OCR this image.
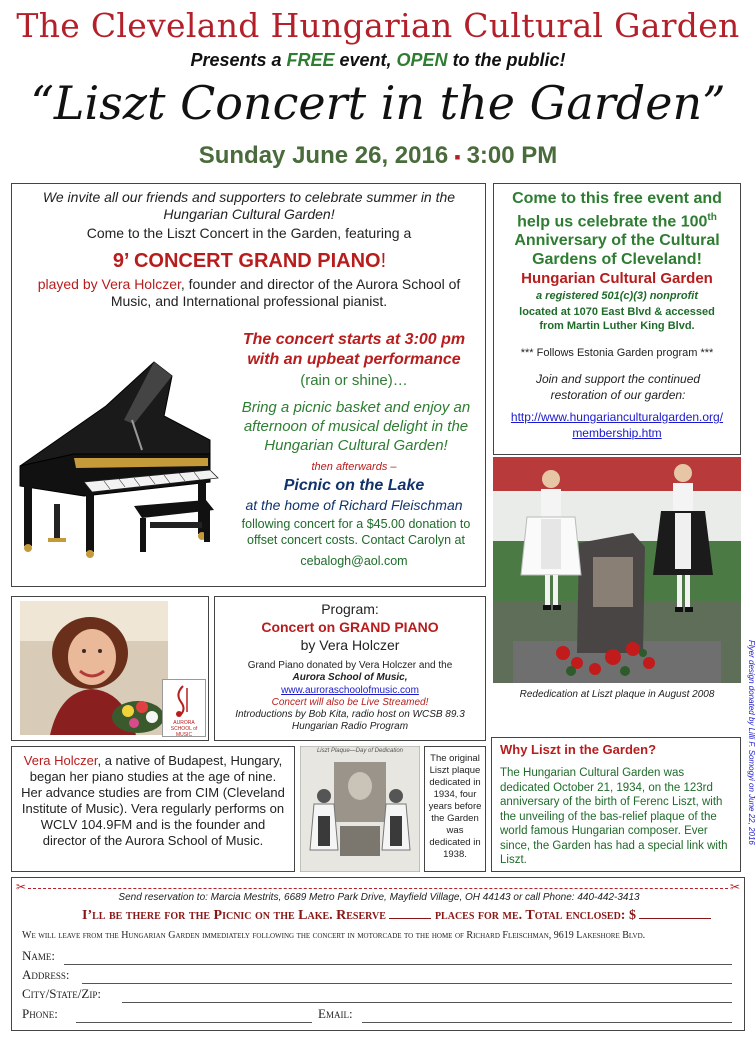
The Cleveland Hungarian Cultural Garden
Presents a FREE event, OPEN to the public!
“Liszt Concert in the Garden”
Sunday June 26, 2016 ▪ 3:00 PM
We invite all our friends and supporters to celebrate summer in the Hungarian Cultural Garden!
Come to the Liszt Concert in the Garden, featuring a
9’ CONCERT GRAND PIANO!
played by Vera Holczer, founder and director of the Aurora School of Music, and International professional pianist.
The concert starts at 3:00 pm with an upbeat performance
(rain or shine)…
Bring a picnic basket and enjoy an afternoon of musical delight in the Hungarian Cultural Garden!
then afterwards –
Picnic on the Lake
at the home of Richard Fleischman
following concert for a $45.00 donation to offset concert costs. Contact Carolyn at
cebalogh@aol.com
Come to this free event and help us celebrate the 100th Anniversary of the Cultural Gardens of Cleveland!
Hungarian Cultural Garden
a registered 501(c)(3) nonprofit
located at 1070 East Blvd & accessed from Martin Luther King Blvd.
*** Follows Estonia Garden program ***
Join and support the continued restoration of our garden:
http://www.hungarianculturalgarden.org/ membership.htm
Rededication at Liszt plaque in August 2008
AURORA SCHOOL of MUSIC
Program:
Concert on GRAND PIANO
by Vera Holczer
Grand Piano donated by Vera Holczer and the Aurora School of Music,
www.auroraschoolofmusic.com
Concert will also be Live Streamed!
Introductions by Bob Kita, radio host on WCSB 89.3 Hungarian Radio Program
Vera Holczer, a native of Budapest, Hungary, began her piano studies at the age of nine. Her advance studies are from CIM (Cleveland Institute of Music). Vera regularly performs on WCLV 104.9FM and is the founder and director of the Aurora School of Music.
Liszt Plaque—Day of Dedication
The original Liszt plaque dedicated in 1934, four years before the Garden was dedicated in 1938.
Why Liszt in the Garden?
The Hungarian Cultural Garden was dedicated October 21, 1934, on the 123rd anniversary of the birth of Ferenc Liszt, with the unveiling of the bas-relief plaque of the world famous Hungarian composer. Ever since, the Garden has had a special link with Liszt.
Flyer design donated by Lilli F. Somogyi on June 22, 2016
✂	✂
Send reservation to: Marcia Mestrits, 6689 Metro Park Drive, Mayfield Village, OH 44143 or call Phone: 440-442-3413
I’ll be there for the Picnic on the Lake. Reserve	places for me. Total enclosed: $
We will leave from the Hungarian Garden immediately following the concert in motorcade to the home of Richard Fleischman, 9619 Lakeshore Blvd.
Name:
Address:
City/State/Zip:
Phone:	Email:
